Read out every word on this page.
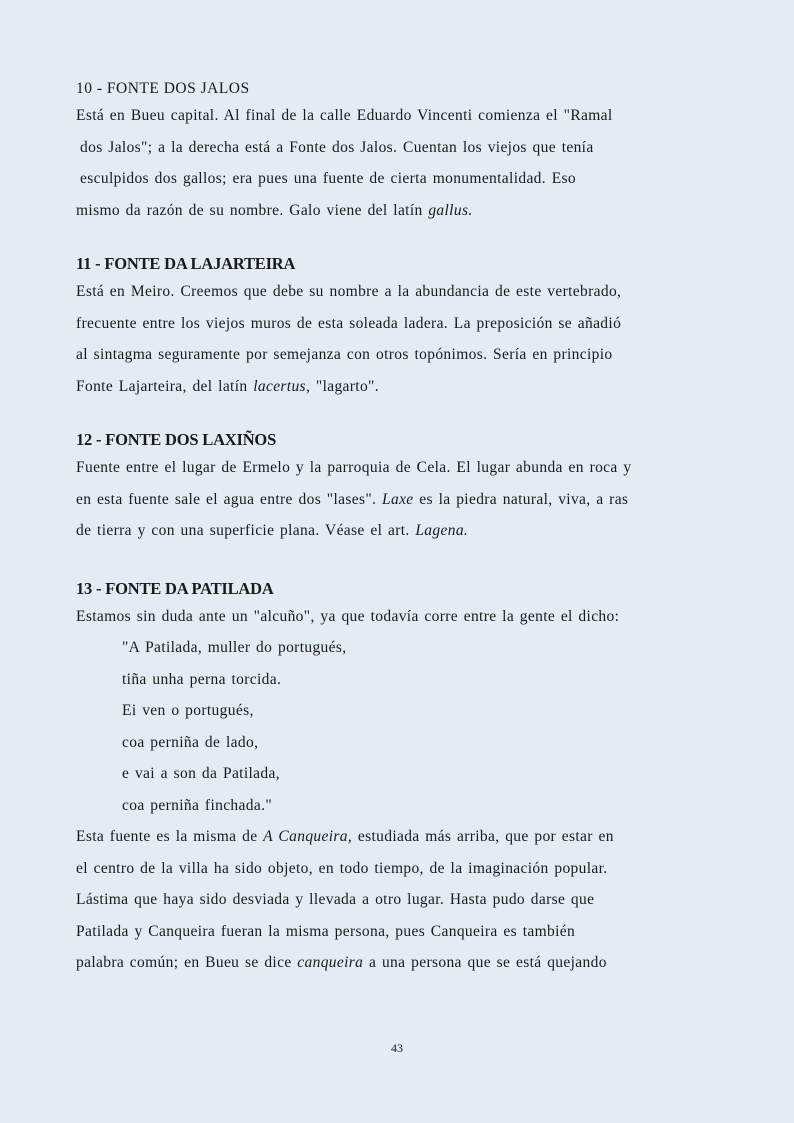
10 - FONTE DOS JALOS
Está en Bueu capital. Al final de la calle Eduardo Vincenti comienza el "Ramal
dos Jalos"; a la derecha está a Fonte dos Jalos. Cuentan los viejos que tenía
esculpidos dos gallos; era pues una fuente de cierta monumentalidad. Eso
mismo da razón de su nombre. Galo viene del latín gallus.
11 - FONTE DA LAJARTEIRA
Está en Meiro. Creemos que debe su nombre a la abundancia de este vertebrado,
frecuente entre los viejos muros de esta soleada ladera. La preposición se añadió
al sintagma seguramente por semejanza con otros topónimos. Sería en principio
Fonte Lajarteira, del latín lacertus, "lagarto".
12 - FONTE DOS LAXIÑOS
Fuente entre el lugar de Ermelo y la parroquia de Cela. El lugar abunda en roca y
en esta fuente sale el agua entre dos "lases". Laxe es la piedra natural, viva, a ras
de tierra y con una superficie plana. Véase el art. Lagena.
13 - FONTE DA PATILADA
Estamos sin duda ante un "alcuño", ya que todavía corre entre la gente el dicho:
"A Patilada, muller do portugués,
tiña unha perna torcida.
Ei ven o portugués,
coa perniña de lado,
e vai a son da Patilada,
coa perniña finchada."
Esta fuente es la misma de A Canqueira, estudiada más arriba, que por estar en
el centro de la villa ha sido objeto, en todo tiempo, de la imaginación popular.
Lástima que haya sido desviada y llevada a otro lugar. Hasta pudo darse que
Patilada y Canqueira fueran la misma persona, pues Canqueira es también
palabra común; en Bueu se dice canqueira a una persona que se está quejando
43
